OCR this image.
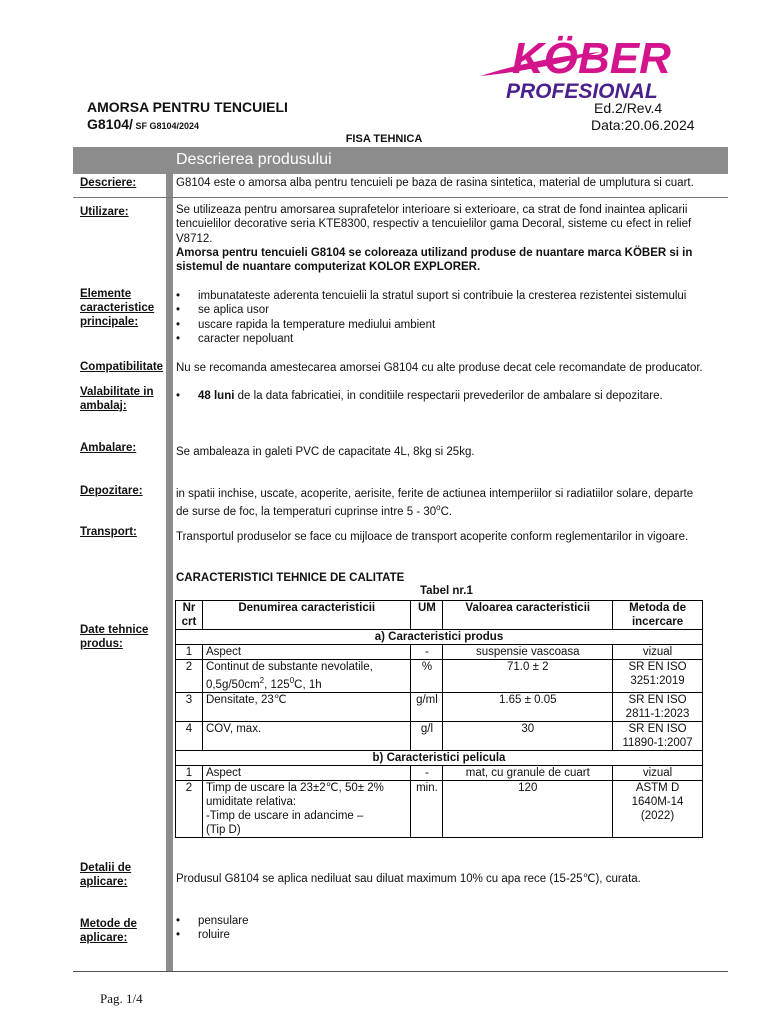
KÖBER
PROFESIONAL
AMORSA PENTRU TENCUIELI
G8104/ SF G8104/2024
Ed.2/Rev.4
Data:20.06.2024
FISA TEHNICA
Descrierea produsului
Descriere:	G8104 este o amorsa alba pentru tencuieli pe baza de rasina sintetica, material de umplutura si cuart.
Utilizare:	Se utilizeaza pentru amorsarea suprafetelor interioare si exterioare, ca strat de fond inaintea aplicarii tencuielilor decorative seria KTE8300, respectiv a tencuielilor gama Decoral, sisteme cu efect in relief V8712.
Amorsa pentru tencuieli G8104 se coloreaza utilizand produse de nuantare marca KÖBER si in sistemul de nuantare computerizat KOLOR EXPLORER.
Elemente
caracteristice
principale:
• imbunatateste aderenta tencuielii la stratul suport si contribuie la cresterea rezistentei sistemului
• se aplica usor
• uscare rapida la temperature mediului ambient
• caracter nepoluant
Compatibilitate Nu se recomanda amestecarea amorsei G8104 cu alte produse decat cele recomandate de producator.
Valabilitate in
ambalaj:
• 48 luni de la data fabricatiei, in conditiile respectarii prevederilor de ambalare si depozitare.
Ambalare:	Se ambaleaza in galeti PVC de capacitate 4L, 8kg si 25kg.
Depozitare:	in spatii inchise, uscate, acoperite, aerisite, ferite de actiunea intemperiilor si radiatiilor solare, departe
de surse de foc, la temperaturi cuprinse intre 5 - 30$^o$C.
Transport:	Transportul produselor se face cu mijloace de transport acoperite conform reglementarilor in vigoare.
CARACTERISTICI TEHNICE DE CALITATE
Tabel nr.1
Date tehnice
produs:
Nr
crt	Denumirea caracteristicii	UM	Valoarea caracteristicii	Metoda de
incercare
a) Caracteristici produs				
1	Aspect	-	suspensie vascoasa	vizual
2	Continut de substante nevolatile,
$0,5g/50cm^2$, $125^0C$, 1h	%	71.0 ± 2	SR EN ISO
3251:2019
3	Densitate, 23℃	g/ml	1.65 ± 0.05	SR EN ISO
2811-1:2023
4	COV, max.	g/l	30	SR EN ISO
11890-1:2007
b) Caracteristici pelicula				
1	Aspect	-	mat, cu granule de cuart	vizual
2	Timp de uscare la 23±2℃, 50± 2%
umiditate relativa:
-Timp de uscare in adancime –
(Tip D)	min.	120	ASTM D
1640M-14
(2022)
Detalii de
aplicare:	Produsul G8104 se aplica nediluat sau diluat maximum 10% cu apa rece (15-25℃), curata.
Metode de
aplicare:
• pensulare
• roluire
Pag. 1/4
